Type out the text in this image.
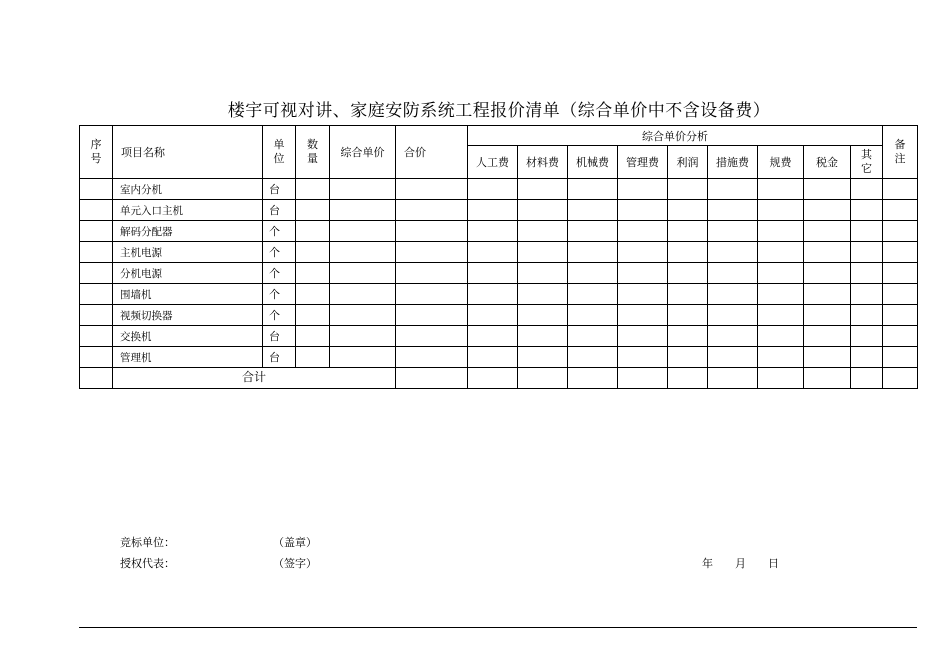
楼宇可视对讲、家庭安防系统工程报价清单（综合单价中不含设备费）
序号	项目名称	单位	数量	综合单价	合价	综合单价分析									备注
						人工费	材料费	机械费	管理费	利润	措施费	规费	税金	其它	
	室内分机	台													
	单元入口主机	台													
	解码分配器	个													
	主机电源	个													
	分机电源	个													
	围墙机	个													
	视频切换器	个													
	交换机	台													
	管理机	台													
	合计														
竞标单位：	（盖章）
授权代表：	（签字）	年　　月　　日
